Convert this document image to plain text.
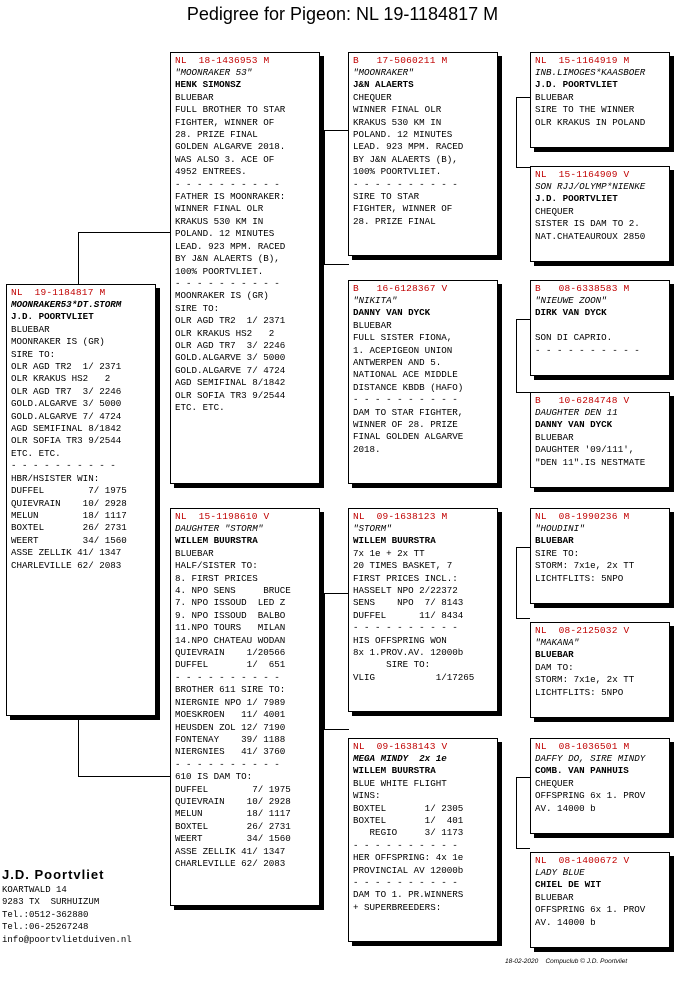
Pedigree for Pigeon: NL 19-1184817 M
NL  19-1184817 M
MOONRAKER53*DT.STORM
J.D. POORTVLIET
BLUEBAR
MOONRAKER IS (GR)
SIRE TO:
OLR AGD TR2  1/ 2371
OLR KRAKUS HS2   2
OLR AGD TR7  3/ 2246
GOLD.ALGARVE 3/ 5000
GOLD.ALGARVE 7/ 4724
AGD SEMIFINAL 8/1842
OLR SOFIA TR3 9/2544
ETC. ETC.
- - - - - - - - - -
HBR/HSISTER WIN:
DUFFEL        7/ 1975
QUIEVRAIN    10/ 2928
MELUN        18/ 1117
BOXTEL       26/ 2731
WEERT        34/ 1560
ASSE ZELLIK 41/ 1347
CHARLEVILLE 62/ 2083
NL  18-1436953 M
"MOONRAKER 53"
HENK SIMONSZ
BLUEBAR
FULL BROTHER TO STAR
FIGHTER, WINNER OF
28. PRIZE FINAL
GOLDEN ALGARVE 2018.
WAS ALSO 3. ACE OF
4952 ENTREES.
- - - - - - - - - -
FATHER IS MOONRAKER:
WINNER FINAL OLR
KRAKUS 530 KM IN
POLAND. 12 MINUTES
LEAD. 923 MPM. RACED
BY J&N ALAERTS (B),
100% POORTVLIET.
- - - - - - - - - -
MOONRAKER IS (GR)
SIRE TO:
OLR AGD TR2  1/ 2371
OLR KRAKUS HS2   2
OLR AGD TR7  3/ 2246
GOLD.ALGARVE 3/ 5000
GOLD.ALGARVE 7/ 4724
AGD SEMIFINAL 8/1842
OLR SOFIA TR3 9/2544
ETC. ETC.
NL  15-1198610 V
DAUGHTER "STORM"
WILLEM BUURSTRA
BLUEBAR
HALF/SISTER TO:
8. FIRST PRICES
4. NPO SENS     BRUCE
7. NPO ISSOUD  LED Z
9. NPO ISSOUD  BALBO
11.NPO TOURS   MILAN
14.NPO CHATEAU WODAN
QUIEVRAIN    1/20566
DUFFEL       1/  651
- - - - - - - - - -
BROTHER 611 SIRE TO:
NIERGNIE NPO 1/ 7989
MOESKROEN   11/ 4001
HEUSDEN ZOL 12/ 7190
FONTENAY    39/ 1188
NIERGNIES   41/ 3760
- - - - - - - - - -
610 IS DAM TO:
DUFFEL        7/ 1975
QUIEVRAIN    10/ 2928
MELUN        18/ 1117
BOXTEL       26/ 2731
WEERT        34/ 1560
ASSE ZELLIK 41/ 1347
CHARLEVILLE 62/ 2083
B   17-5060211 M
"MOONRAKER"
J&N ALAERTS
CHEQUER
WINNER FINAL OLR
KRAKUS 530 KM IN
POLAND. 12 MINUTES
LEAD. 923 MPM. RACED
BY J&N ALAERTS (B),
100% POORTVLIET.
- - - - - - - - - -
SIRE TO STAR
FIGHTER, WINNER OF
28. PRIZE FINAL
B   16-6128367 V
"NIKITA"
DANNY VAN DYCK
BLUEBAR
FULL SISTER FIONA,
1. ACEPIGEON UNION
ANTWERPEN AND 5.
NATIONAL ACE MIDDLE
DISTANCE KBDB (HAFO)
- - - - - - - - - -
DAM TO STAR FIGHTER,
WINNER OF 28. PRIZE
FINAL GOLDEN ALGARVE
2018.
NL  09-1638123 M
"STORM"
WILLEM BUURSTRA
7x 1e + 2x TT
20 TIMES BASKET, 7
FIRST PRICES INCL.:
HASSELT NPO 2/22372
SENS    NPO  7/ 8143
DUFFEL      11/ 8434
- - - - - - - - - -
HIS OFFSPRING WON
8x 1.PROV.AV. 12000b
SIRE TO:
VLIG           1/17265
NL  09-1638143 V
MEGA MINDY  2x 1e
WILLEM BUURSTRA
BLUE WHITE FLIGHT
WINS:
BOXTEL       1/ 2305
BOXTEL       1/  401
REGIO     3/ 1173
- - - - - - - - - -
HER OFFSPRING: 4x 1e
PROVINCIAL AV 12000b
- - - - - - - - - -
DAM TO 1. PR.WINNERS
+ SUPERBREEDERS:
NL  15-1164919 M
INB.LIMOGES*KAASBOER
J.D. POORTVLIET
BLUEBAR
SIRE TO THE WINNER
OLR KRAKUS IN POLAND
NL  15-1164909 V
SON RJJ/OLYMP*NIENKE
J.D. POORTVLIET
CHEQUER
SISTER IS DAM TO 2.
NAT.CHATEAUROUX 2850
B   08-6338583 M
"NIEUWE ZOON"
DIRK VAN DYCK

SON DI CAPRIO.
- - - - - - - - - -
B   10-6284748 V
DAUGHTER DEN 11
DANNY VAN DYCK
BLUEBAR
DAUGHTER '09/111',
"DEN 11".IS NESTMATE
NL  08-1990236 M
"HOUDINI"
BLUEBAR
SIRE TO:
STORM: 7x1e, 2x TT
LICHTFLITS: 5NPO
NL  08-2125032 V
"MAKANA"
BLUEBAR
DAM TO:
STORM: 7x1e, 2x TT
LICHTFLITS: 5NPO
NL  08-1036501 M
DAFFY DO, SIRE MINDY
COMB. VAN PANHUIS
CHEQUER
OFFSPRING 6x 1. PROV
AV. 14000 b
NL  08-1400672 V
LADY BLUE
CHIEL DE WIT
BLUEBAR
OFFSPRING 6x 1. PROV
AV. 14000 b
J.D. Poortvliet
KOARTWALD 14
9283 TX  SURHUIZUM
Tel.:0512-362880
Tel.:06-25267248
info@poortvlietduiven.nl
18-02-2020    Compuclub © J.D. Poortvliet
